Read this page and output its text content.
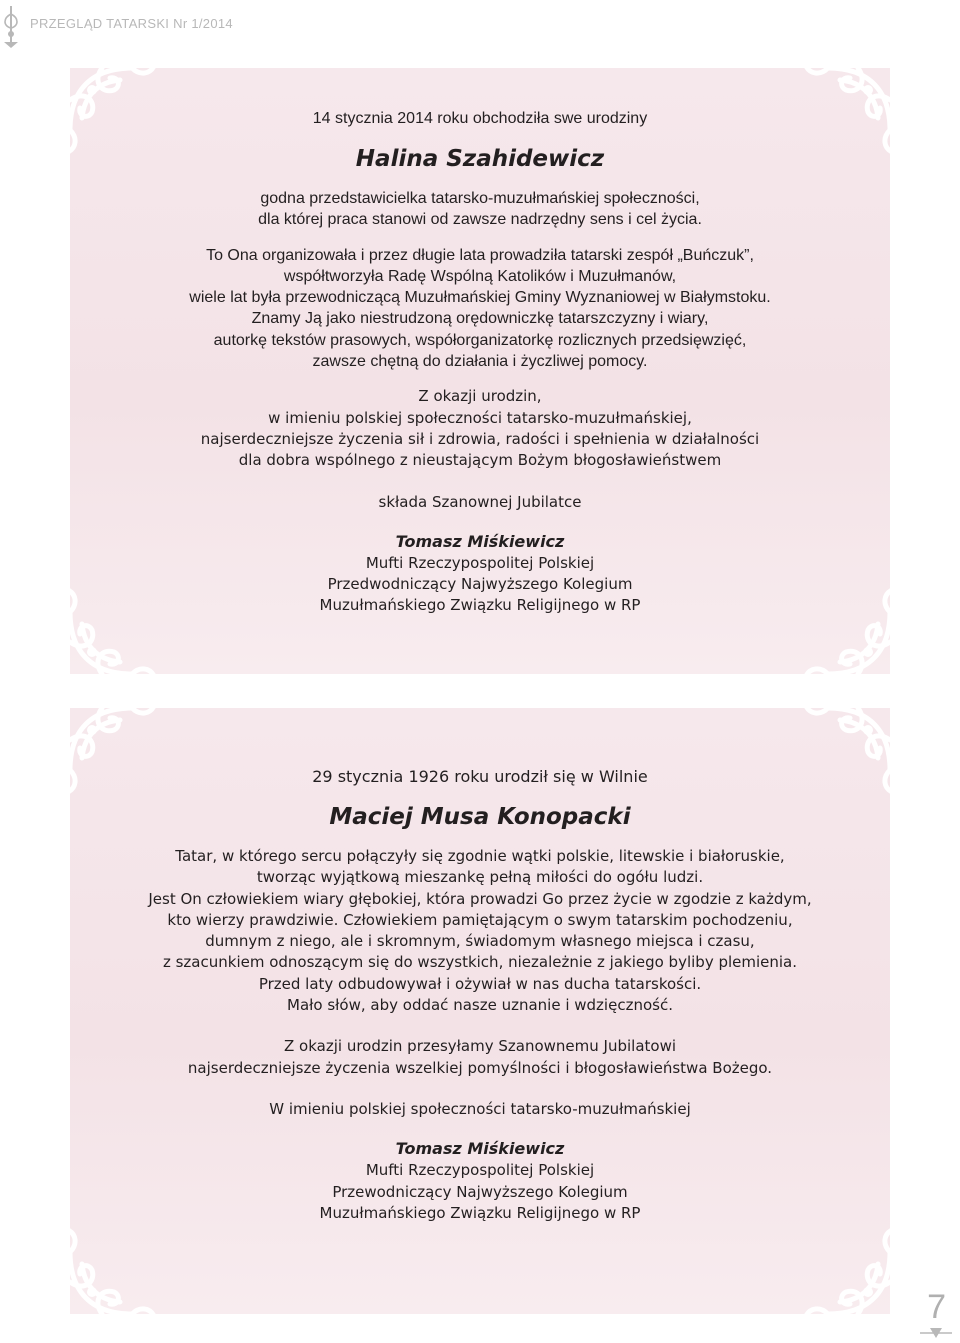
PRZEGLĄD TATARSKI Nr 1/2014
14 stycznia 2014 roku obchodziła swe urodziny
Halina Szahidewicz
godna przedstawicielka tatarsko-muzułmańskiej społeczności,
dla której praca stanowi od zawsze nadrzędny sens i cel życia.
To Ona organizowała i przez długie lata prowadziła tatarski zespół „Buńczuk”,
współtworzyła Radę Wspólną Katolików i Muzułmanów,
wiele lat była przewodniczącą Muzułmańskiej Gminy Wyznaniowej w Białymstoku.
Znamy Ją jako niestrudzoną orędowniczkę tatarszczyzny i wiary,
autorkę tekstów prasowych, współorganizatorkę rozlicznych przedsięwzięć,
zawsze chętną do działania i życzliwej pomocy.
Z okazji urodzin,
w imieniu polskiej społeczności tatarsko-muzułmańskiej,
najserdeczniejsze życzenia sił i zdrowia, radości i spełnienia w działalności
dla dobra wspólnego z nieustającym Bożym błogosławieństwem
składa Szanownej Jubilatce
Tomasz Miśkiewicz
Mufti Rzeczypospolitej Polskiej
Przedwodniczący Najwyższego Kolegium
Muzułmańskiego Związku Religijnego w RP
29 stycznia 1926 roku urodził się w Wilnie
Maciej Musa Konopacki
Tatar, w którego sercu połączyły się zgodnie wątki polskie, litewskie i białoruskie,
tworząc wyjątkową mieszankę pełną miłości do ogółu ludzi.
Jest On człowiekiem wiary głębokiej, która prowadzi Go przez życie w zgodzie z każdym,
kto wierzy prawdziwie. Człowiekiem pamiętającym o swym tatarskim pochodzeniu,
dumnym z niego, ale i skromnym, świadomym własnego miejsca i czasu,
z szacunkiem odnoszącym się do wszystkich, niezależnie z jakiego byliby plemienia.
Przed laty odbudowywał i ożywiał w nas ducha tatarskości.
Mało słów, aby oddać nasze uznanie i wdzięczność.
Z okazji urodzin przesyłamy Szanownemu Jubilatowi
najserdeczniejsze życzenia wszelkiej pomyślności i błogosławieństwa Bożego.
W imieniu polskiej społeczności tatarsko-muzułmańskiej
Tomasz Miśkiewicz
Mufti Rzeczypospolitej Polskiej
Przewodniczący Najwyższego Kolegium
Muzułmańskiego Związku Religijnego w RP
7
